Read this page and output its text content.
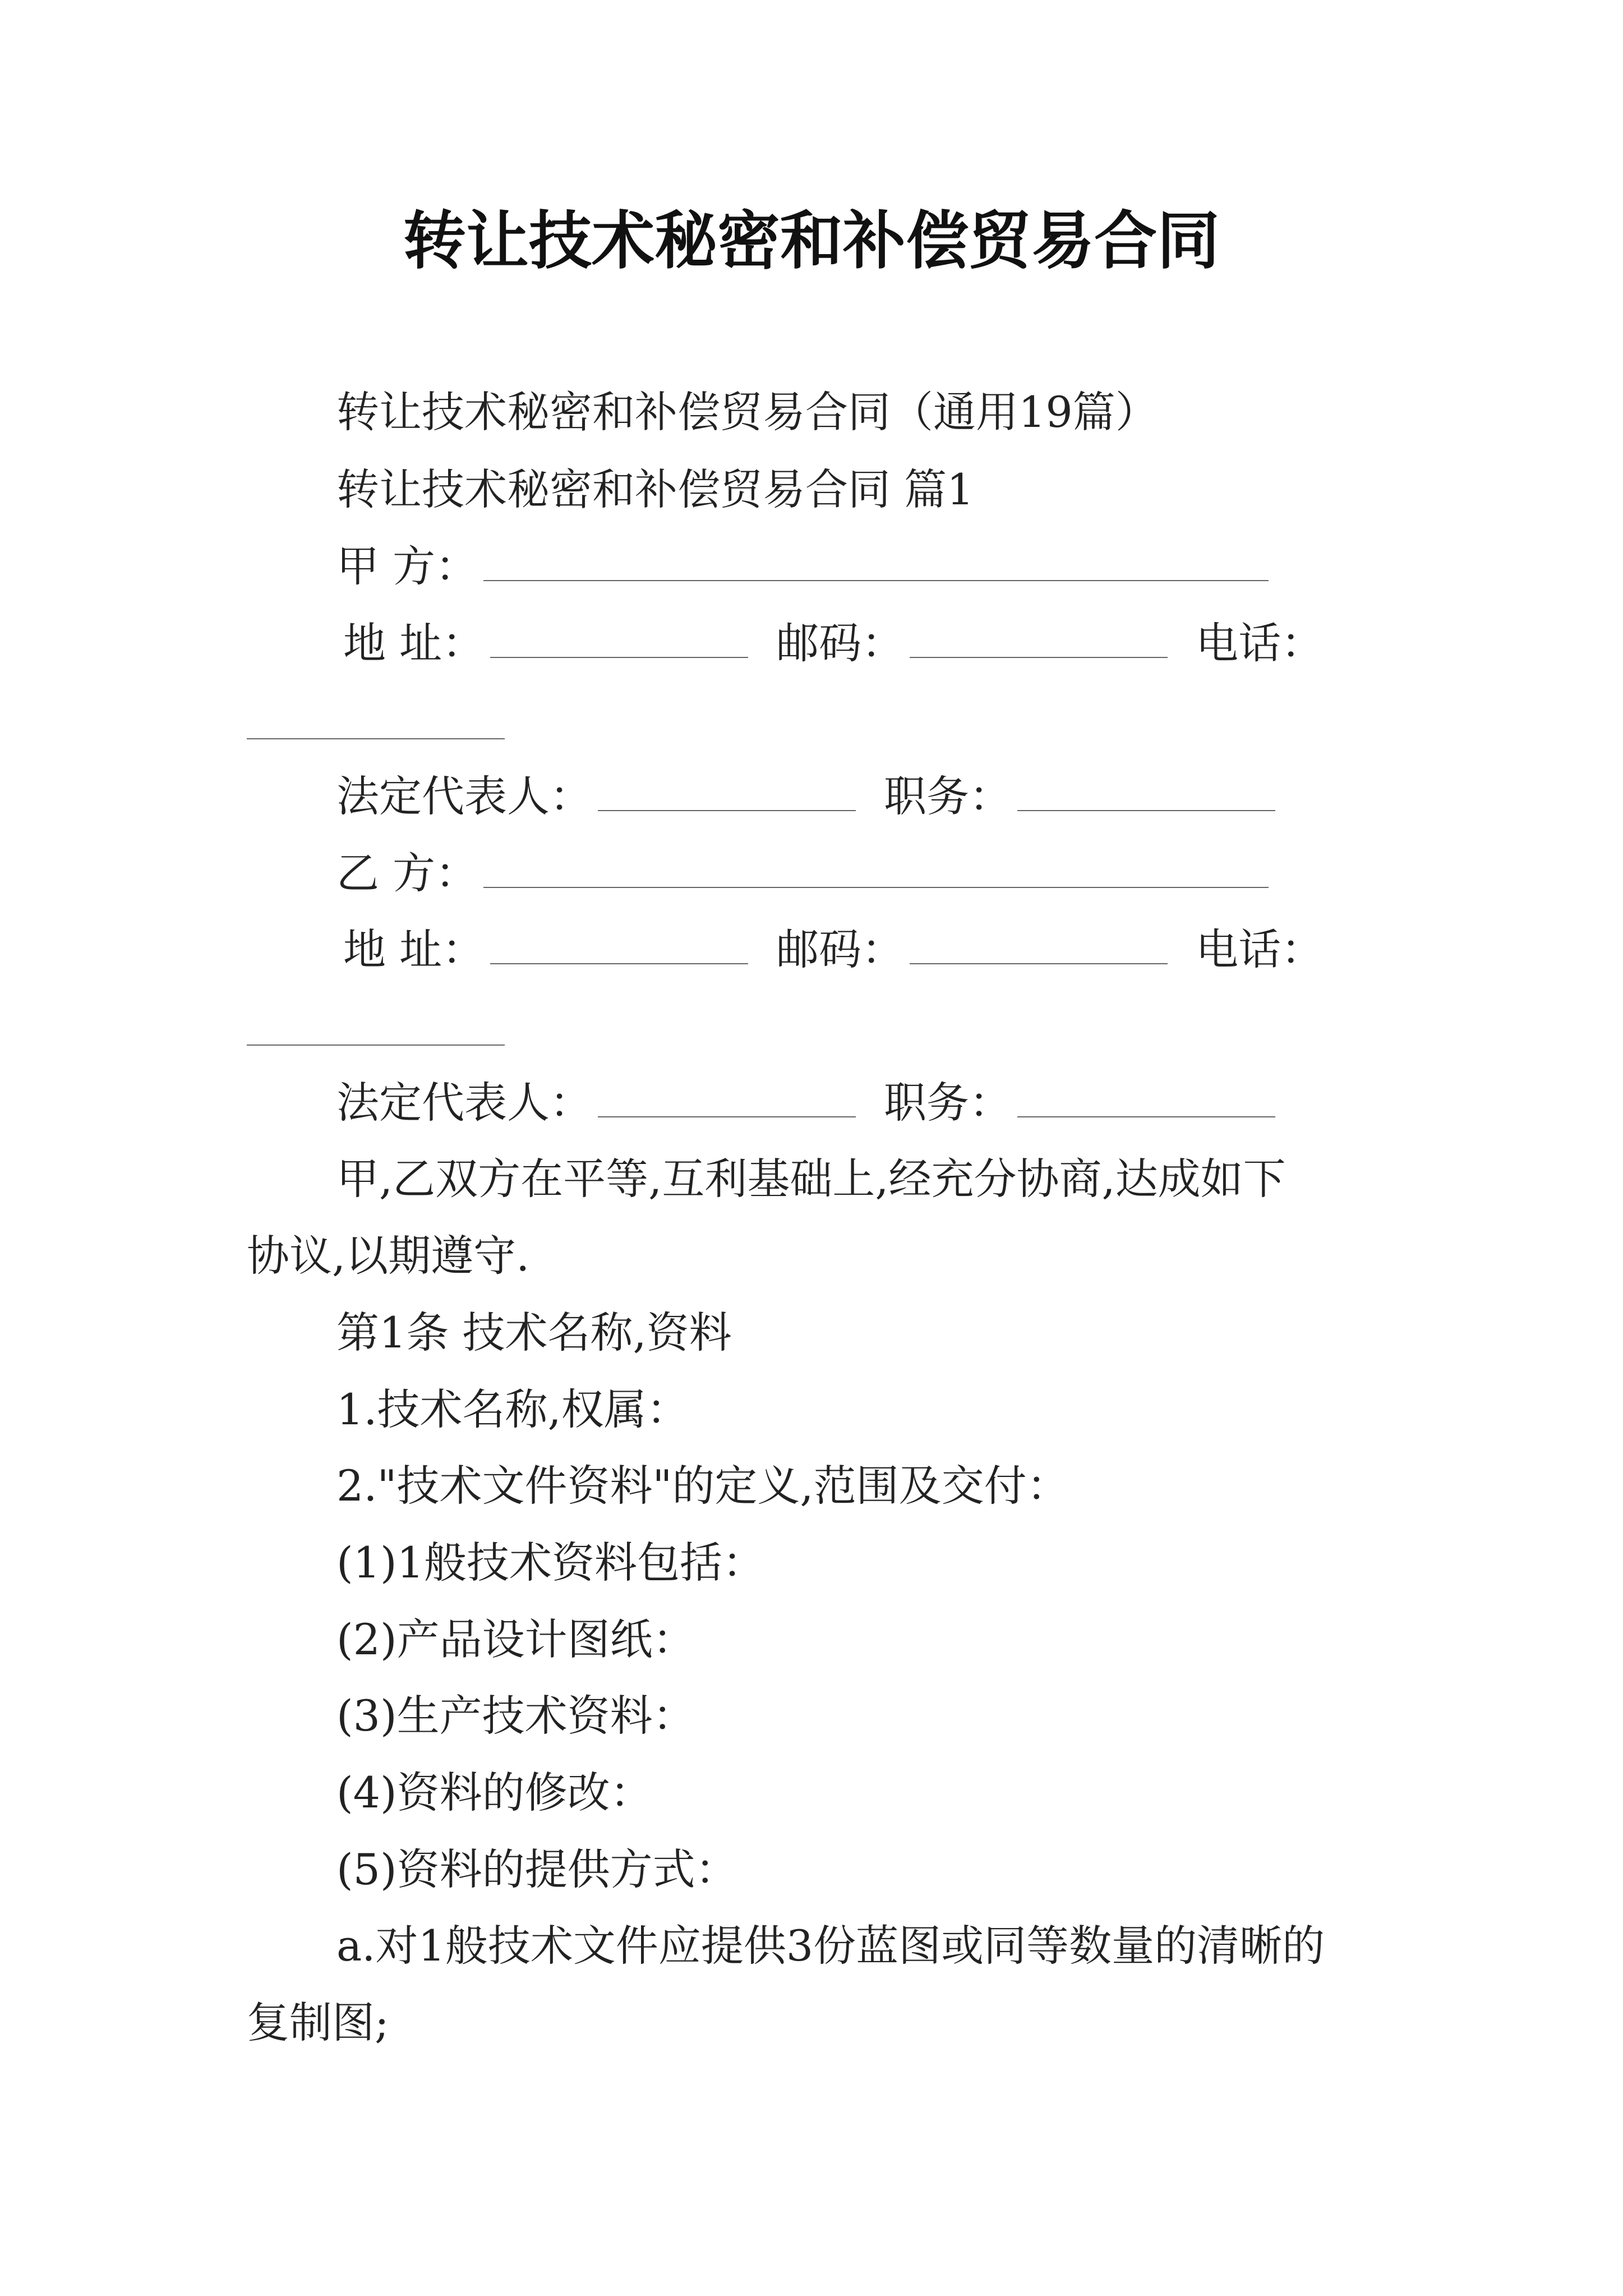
转让技术秘密和补偿贸易合同
转让技术秘密和补偿贸易合同（通用19篇）
转让技术秘密和补偿贸易合同 篇1
甲 方：
地 址：	邮码：	电话：
法定代表人：	职务：
乙 方：
地 址：	邮码：	电话：
法定代表人：	职务：
甲,乙双方在平等,互利基础上,经充分协商,达成如下
协议,以期遵守.
第1条 技术名称,资料
1.技术名称,权属：
2."技术文件资料"的定义,范围及交付：
(1)1般技术资料包括：
(2)产品设计图纸：
(3)生产技术资料：
(4)资料的修改：
(5)资料的提供方式：
a.对1般技术文件应提供3份蓝图或同等数量的清晰的
复制图;
